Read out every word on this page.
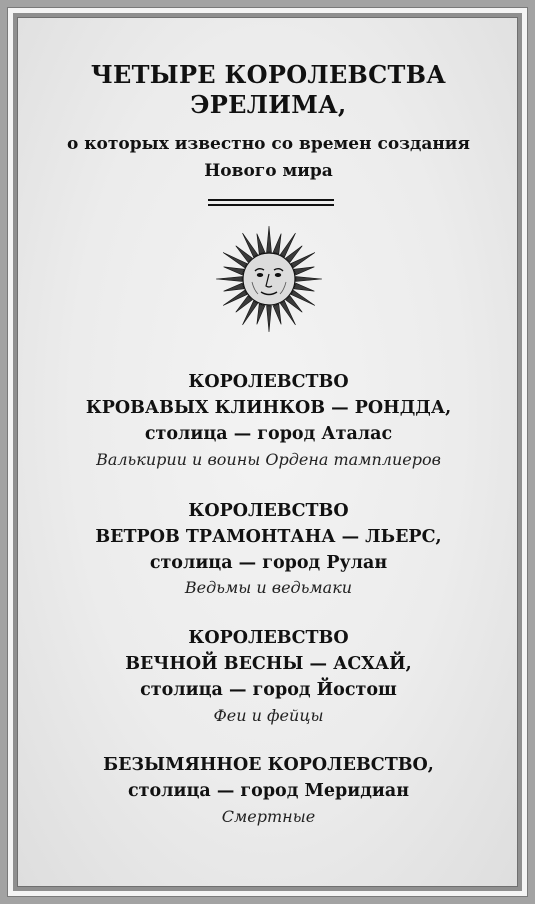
ЧЕТЫРЕ КОРОЛЕВСТВА
ЭРЕЛИМА,
о которых известно со времен создания
Нового мира
КОРОЛЕВСТВО
КРОВАВЫХ КЛИНКОВ — РОНДДА,
столица — город Аталас
Валькирии и воины Ордена тамплиеров
КОРОЛЕВСТВО
ВЕТРОВ ТРАМОНТАНА — ЛЬЕРС,
столица — город Рулан
Ведьмы и ведьмаки
КОРОЛЕВСТВО
ВЕЧНОЙ ВЕСНЫ — АСХАЙ,
столица — город Йостош
Феи и фейцы
БЕЗЫМЯННОЕ КОРОЛЕВСТВО,
столица — город Меридиан
Смертные
